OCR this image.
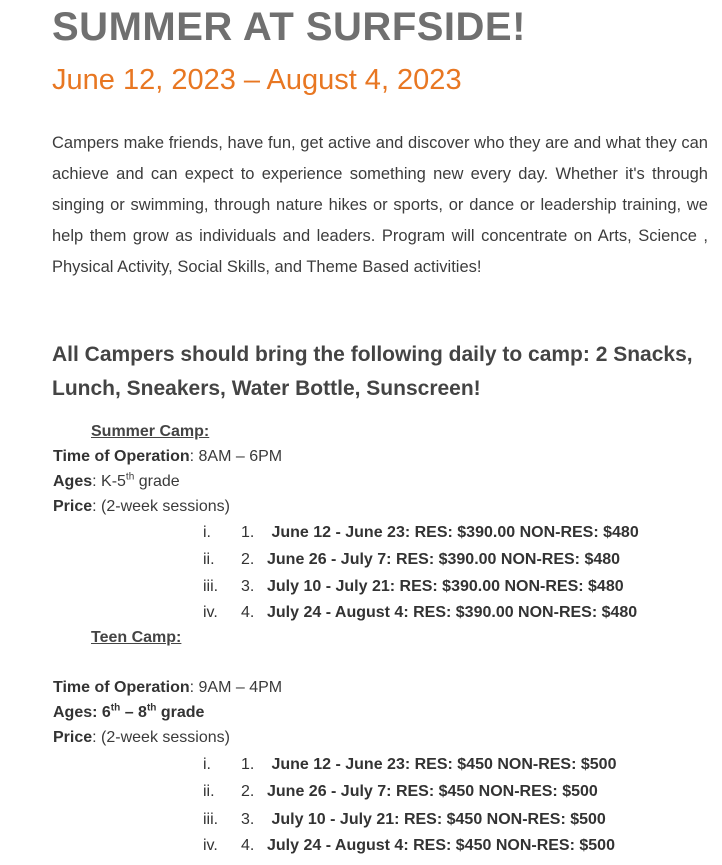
SUMMER AT SURFSIDE!
June 12, 2023 – August 4, 2023

Campers make friends, have fun, get active and discover who they are and what they can achieve and can expect to experience something new every day. Whether it's through singing or swimming, through nature hikes or sports, or dance or leadership training, we help them grow as individuals and leaders. Program will concentrate on Arts, Science , Physical Activity, Social Skills, and Theme Based activities!

All Campers should bring the following daily to camp: 2 Snacks, Lunch, Sneakers, Water Bottle, Sunscreen!

Summer Camp:
Time of Operation: 8AM – 6PM
Ages: K-5th grade
Price: (2-week sessions)
i. 1. June 12 - June 23: RES: $390.00 NON-RES: $480
ii. 2. June 26 - July 7: RES: $390.00 NON-RES: $480
iii. 3. July 10 - July 21: RES: $390.00 NON-RES: $480
iv. 4. July 24 - August 4: RES: $390.00 NON-RES: $480
Teen Camp:
Time of Operation: 9AM – 4PM
Ages: 6th – 8th grade
Price: (2-week sessions)
i. 1. June 12 - June 23: RES: $450 NON-RES: $500
ii. 2. June 26 - July 7: RES: $450 NON-RES: $500
iii. 3. July 10 - July 21: RES: $450 NON-RES: $500
iv. 4. July 24 - August 4: RES: $450 NON-RES: $500
